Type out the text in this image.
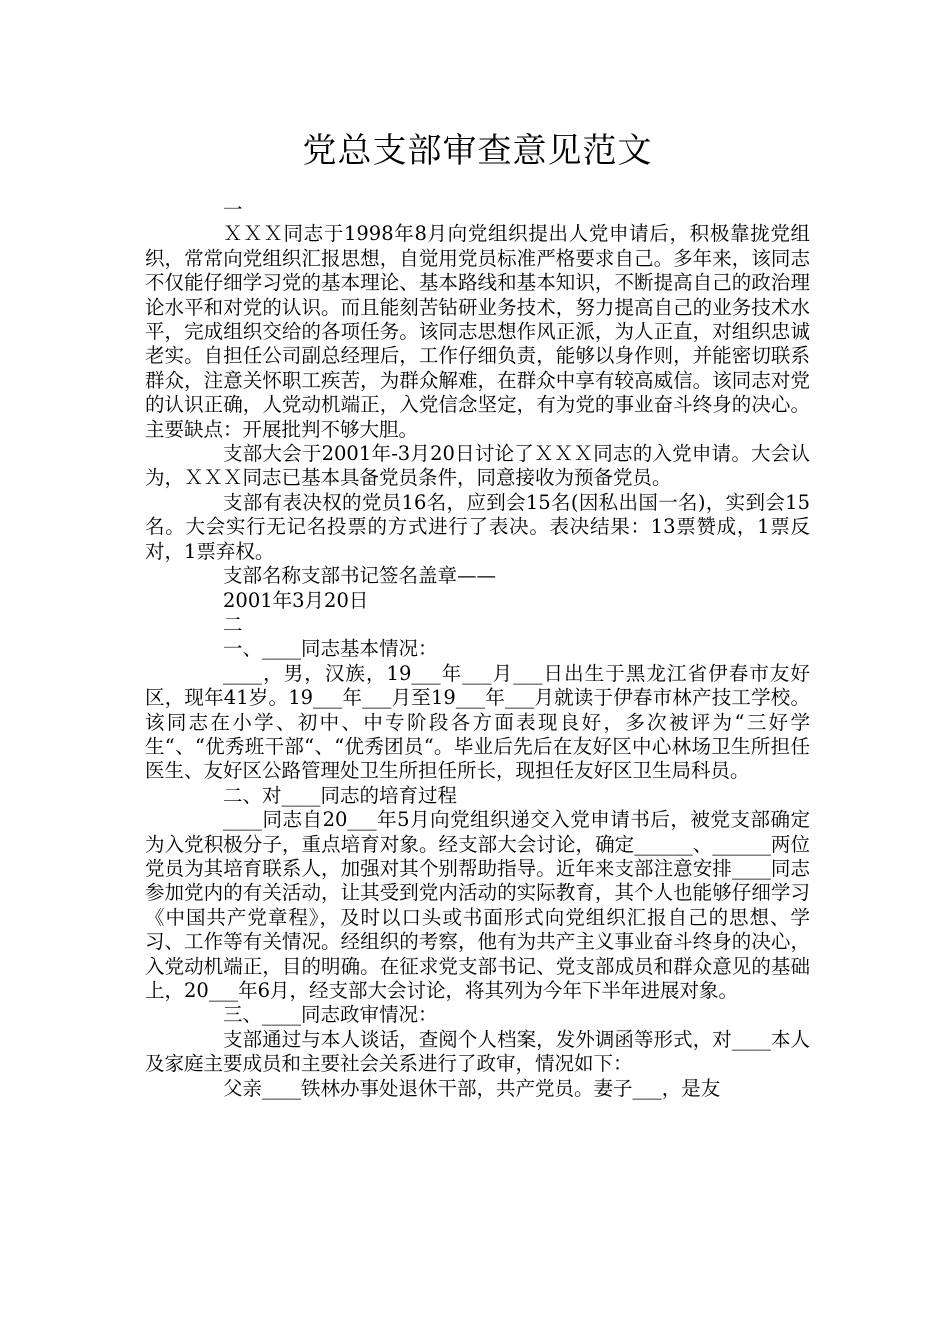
党总支部审查意见范文

一

ＸＸＸ同志于1998年8月向党组织提出人党申请后，积极靠拢党组织，常常向党组织汇报思想，自觉用党员标准严格要求自己。多年来，该同志不仅能仔细学习党的基本理论、基本路线和基本知识，不断提高自己的政治理论水平和对党的认识。而且能刻苦钻研业务技术，努力提高自己的业务技术水平，完成组织交给的各项任务。该同志思想作风正派，为人正直，对组织忠诚老实。自担任公司副总经理后，工作仔细负责，能够以身作则，并能密切联系群众，注意关怀职工疾苦，为群众解难，在群众中享有较高威信。该同志对党的认识正确，人党动机端正，入党信念坚定，有为党的事业奋斗终身的决心。主要缺点：开展批判不够大胆。

支部大会于2001年-3月20日讨论了ＸＸＸ同志的入党申请。大会认为，ＸＸＸ同志已基本具备党员条件，同意接收为预备党员。

支部有表决权的党员16名，应到会15名(因私出国一名)，实到会15名。大会实行无记名投票的方式进行了表决。表决结果：13票赞成，1票反对，1票弃权。

支部名称支部书记签名盖章——

2001年3月20日

二

一、____同志基本情况：

____，男，汉族，19___年___月___日出生于黑龙江省伊春市友好区，现年41岁。19___年___月至19___年___月就读于伊春市林产技工学校。该同志在小学、初中、中专阶段各方面表现良好，多次被评为“三好学生“、“优秀班干部“、“优秀团员“。毕业后先后在友好区中心林场卫生所担任医生、友好区公路管理处卫生所担任所长，现担任友好区卫生局科员。

二、对____同志的培育过程

____同志自20___年5月向党组织递交入党申请书后，被党支部确定为入党积极分子，重点培育对象。经支部大会讨论，确定______、______两位党员为其培育联系人，加强对其个别帮助指导。近年来支部注意安排____同志参加党内的有关活动，让其受到党内活动的实际教育，其个人也能够仔细学习《中国共产党章程》，及时以口头或书面形式向党组织汇报自己的思想、学习、工作等有关情况。经组织的考察，他有为共产主义事业奋斗终身的决心，入党动机端正，目的明确。在征求党支部书记、党支部成员和群众意见的基础上，20___年6月，经支部大会讨论，将其列为今年下半年进展对象。

三、____同志政审情况：

支部通过与本人谈话，查阅个人档案，发外调函等形式，对____本人及家庭主要成员和主要社会关系进行了政审，情况如下：

父亲____铁林办事处退休干部，共产党员。妻子___，是友
